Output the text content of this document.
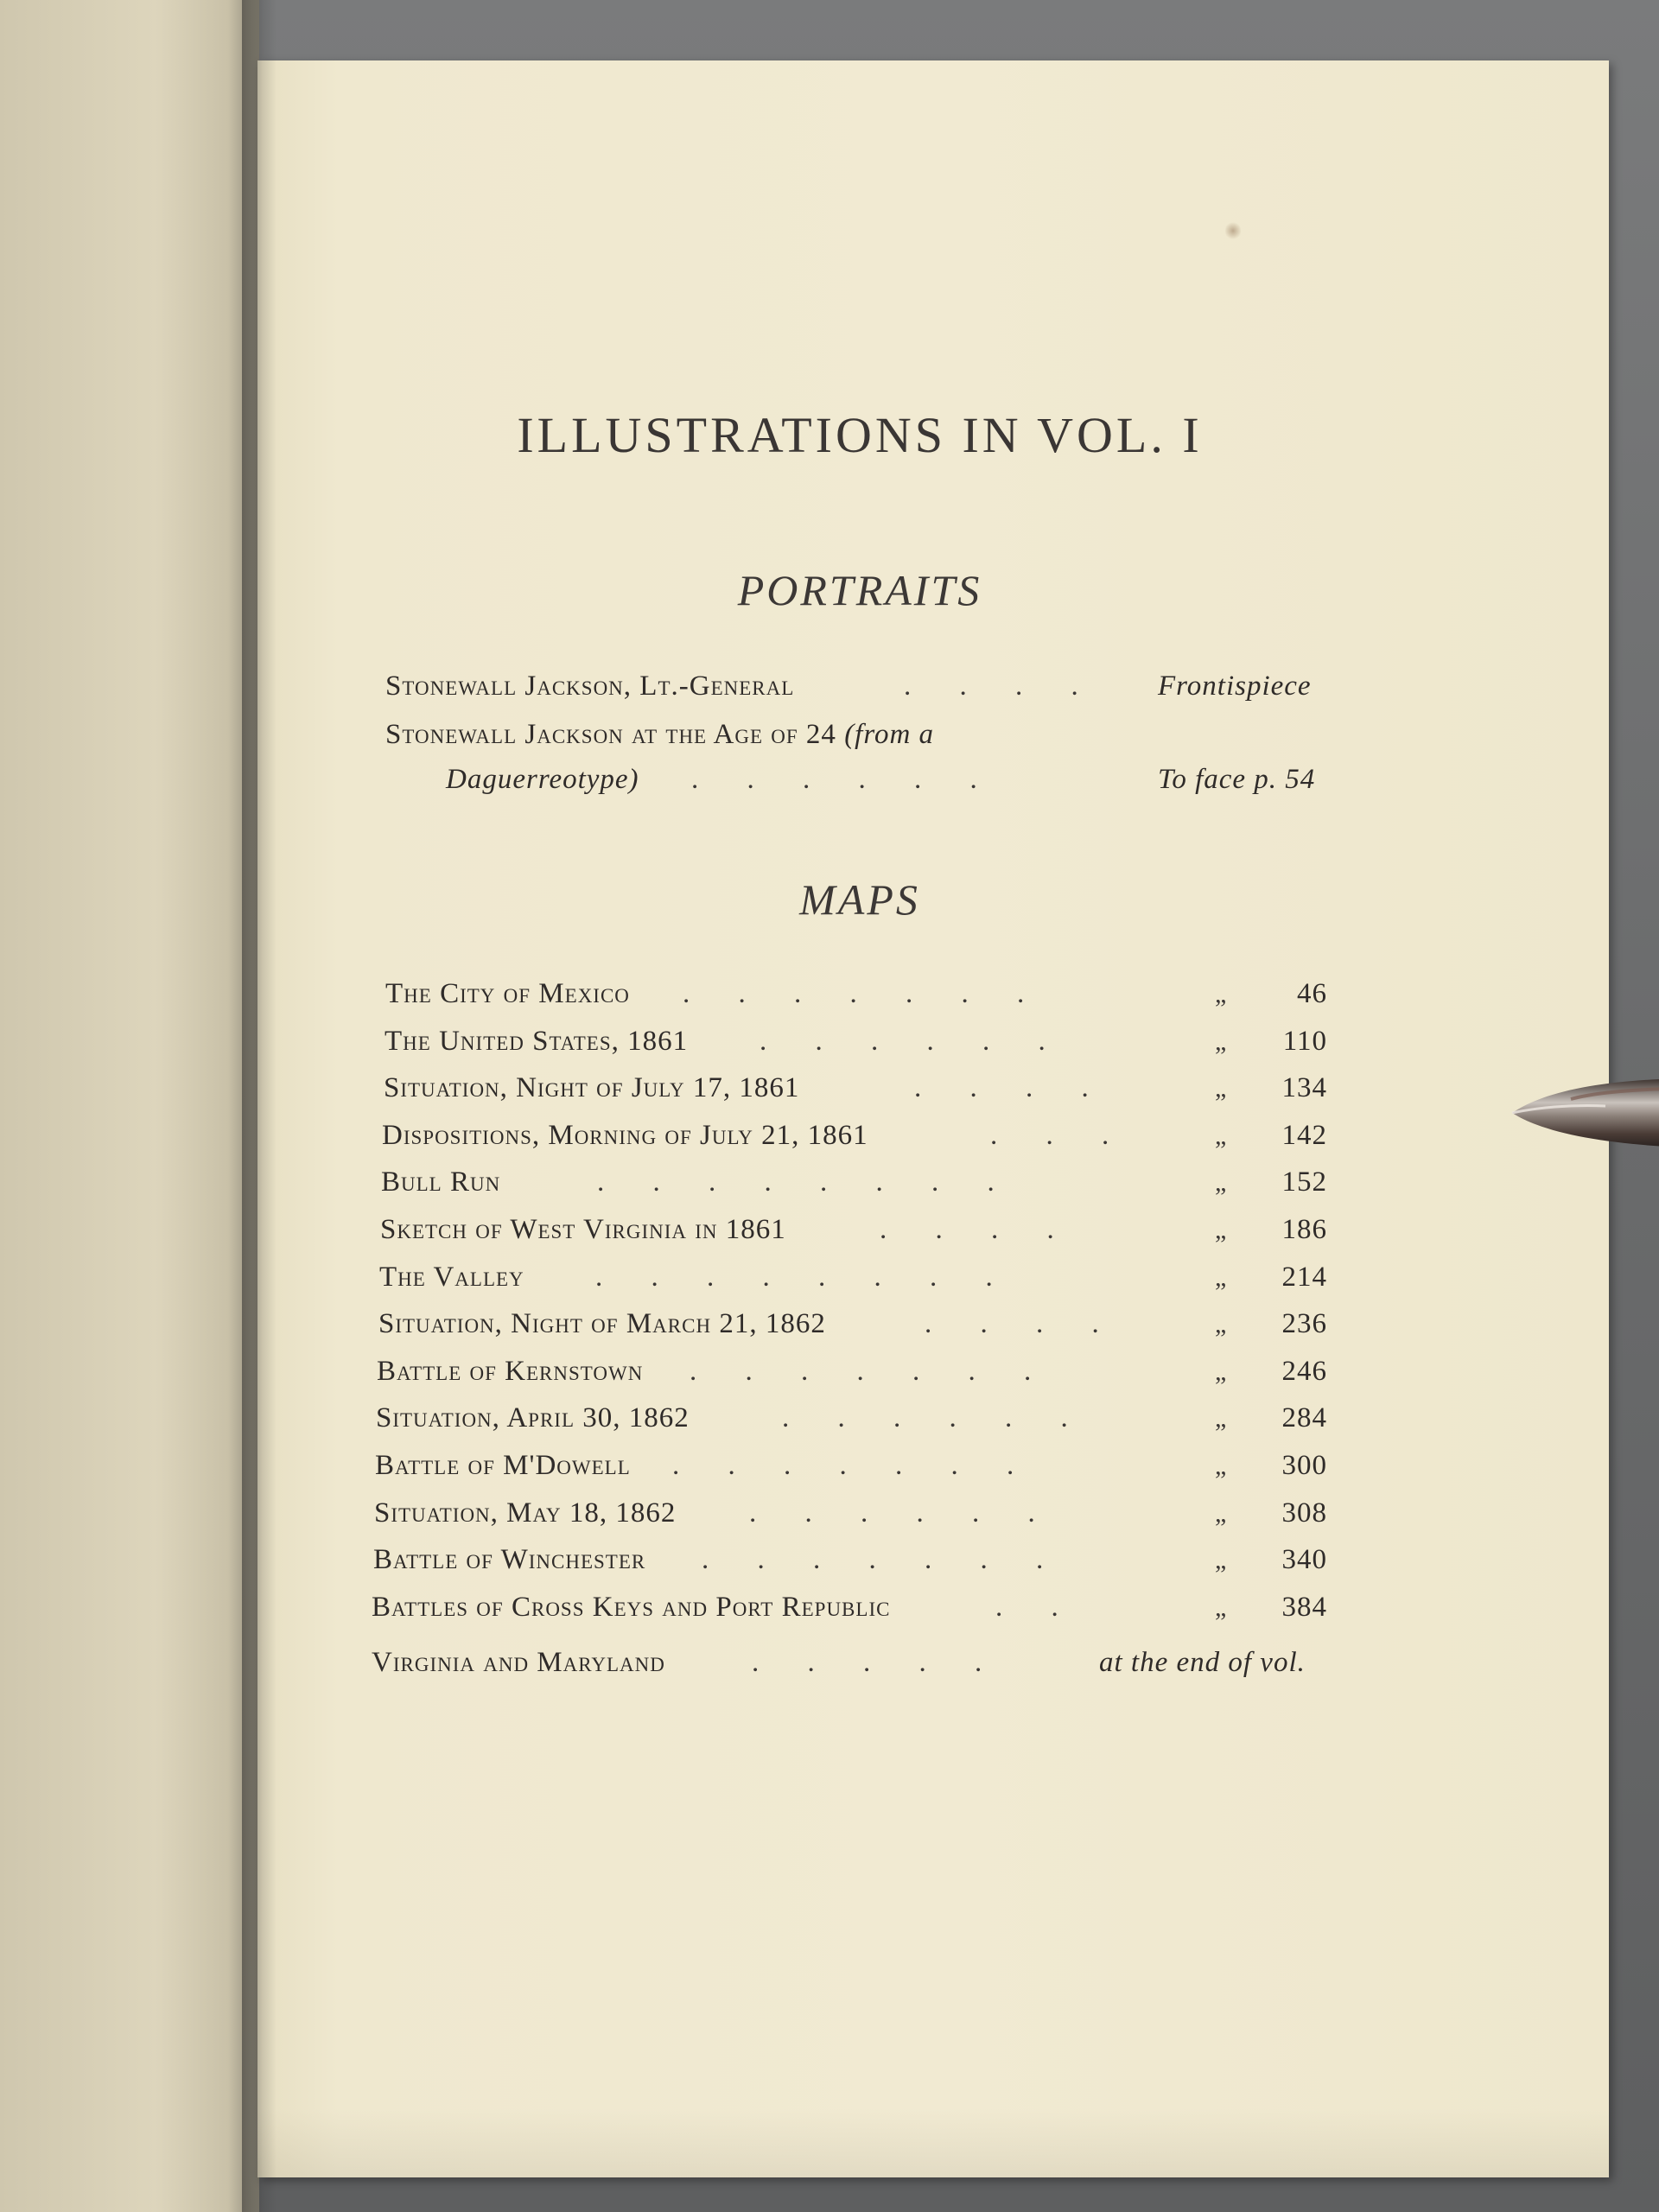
ILLUSTRATIONS IN VOL. I
PORTRAITS
Stonewall Jackson, Lt.-General	. . . . Frontispiece
Stonewall Jackson at the Age of 24 (from a
Daguerreotype) . . . . . .	To face p. 54
MAPS
The City of Mexico . . . . . . .	„	46
The United States, 1861	. . . . . .	„	110
Situation, Night of July 17, 1861	. . . .	„	134
Dispositions, Morning of July 21, 1861	. . .	„	142
Bull Run	. . . . . . . .	„	152
Sketch of West Virginia in 1861	. . . .	„	186
The Valley . . . . . . . .	„	214
Situation, Night of March 21, 1862	. . . .	„	236
Battle of Kernstown . . . . . . .	„	246
Situation, April 30, 1862	. . . . . .	„	284
Battle of M'Dowell . . . . . . .	„	300
Situation, May 18, 1862	. . . . . .	„	308
Battle of Winchester . . . . . . .	„	340
Battles of Cross Keys and Port Republic	. .	„	384
Virginia and Maryland	. . . . .	at the end of vol.
